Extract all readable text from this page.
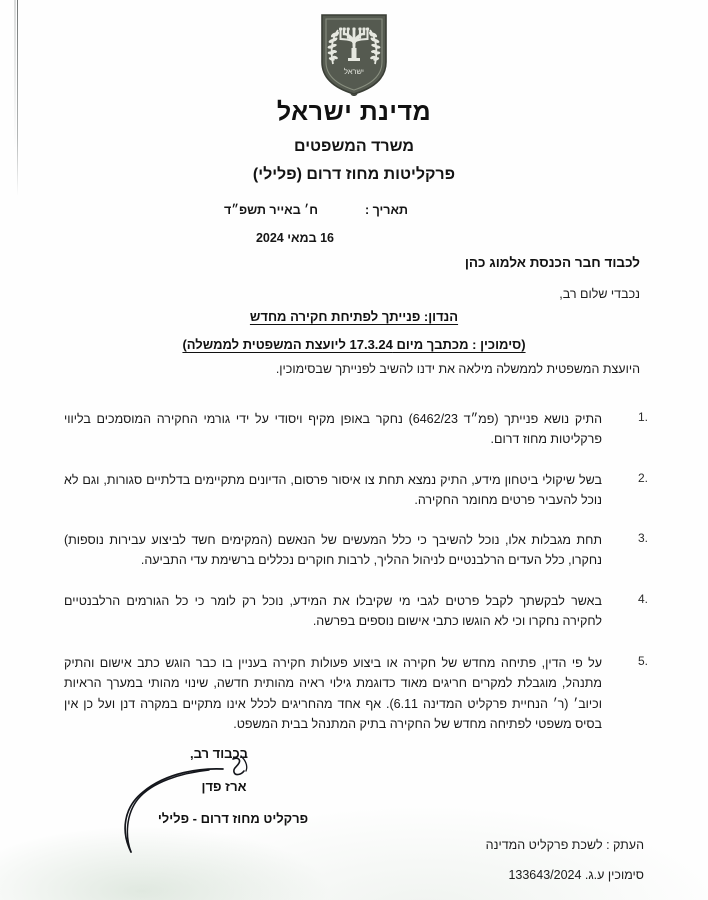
ישראל
מדינת ישראל
משרד המשפטים
פרקליטות מחוז דרום (פלילי)
תאריך :
ח׳ באייר תשפ״ד
16 במאי 2024
לכבוד חבר הכנסת אלמוג כהן
נכבדי שלום רב,
הנדון: פנייתך לפתיחת חקירה מחדש
(סימוכין : מכתבך מיום 17.3.24 ליועצת המשפטית לממשלה)
היועצת המשפטית לממשלה מילאה את ידנו להשיב לפנייתך שבסימוכין.
1.
התיק נושא פנייתך (פמ״ד 6462/23) נחקר באופן מקיף ויסודי על ידי גורמי החקירה המוסמכים בליווי פרקליטות מחוז דרום.
2.
בשל שיקולי ביטחון מידע, התיק נמצא תחת צו איסור פרסום, הדיונים מתקיימים בדלתיים סגורות, וגם לא נוכל להעביר פרטים מחומר החקירה.
3.
תחת מגבלות אלו, נוכל להשיבך כי כלל המעשים של הנאשם (המקימים חשד לביצוע עבירות נוספות) נחקרו, כלל העדים הרלבנטיים לניהול ההליך, לרבות חוקרים נכללים ברשימת עדי התביעה.
4.
באשר לבקשתך לקבל פרטים לגבי מי שקיבלו את המידע, נוכל רק לומר כי כל הגורמים הרלבנטיים לחקירה נחקרו וכי לא הוגשו כתבי אישום נוספים בפרשה.
5.
על פי הדין, פתיחה מחדש של חקירה או ביצוע פעולות חקירה בעניין בו כבר הוגש כתב אישום והתיק מתנהל, מוגבלת למקרים חריגים מאוד כדוגמת גילוי ראיה מהותית חדשה, שינוי מהותי במערך הראיות וכיוב׳ (ר׳ הנחיית פרקליט המדינה 6.11). אף אחד מהחריגים לכלל אינו מתקיים במקרה דנן ועל כן אין בסיס משפטי לפתיחה מחדש של החקירה בתיק המתנהל בבית המשפט.
בכבוד רב,
ארז פדן
פרקליט מחוז דרום - פלילי
העתק : לשכת פרקליט המדינה
סימוכין ע.ג. 133643/2024
